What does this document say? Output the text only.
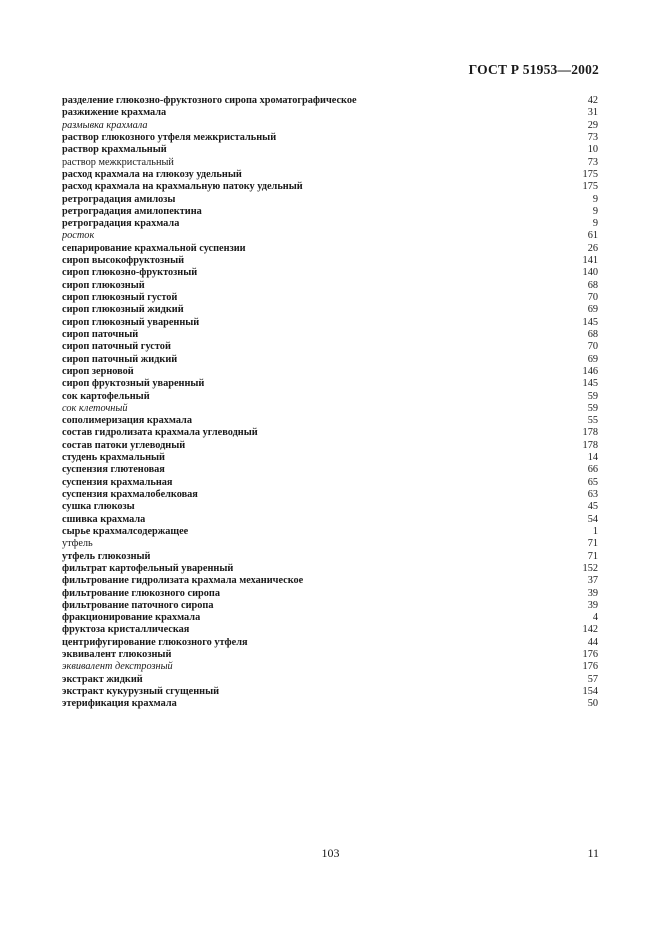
ГОСТ Р 51953—2002
разделение глюкозно-фруктозного сиропа хроматографическое	42
разжижение крахмала	31
размывка крахмала	29
раствор глюкозного утфеля межкристальный	73
раствор крахмальный	10
раствор межкристальный	73
расход крахмала на глюкозу удельный	175
расход крахмала на крахмальную патоку удельный	175
ретроградация амилозы	9
ретроградация амилопектина	9
ретроградация крахмала	9
росток	61
сепарирование крахмальной суспензии	26
сироп высокофруктозный	141
сироп глюкозно-фруктозный	140
сироп глюкозный	68
сироп глюкозный густой	70
сироп глюкозный жидкий	69
сироп глюкозный уваренный	145
сироп паточный	68
сироп паточный густой	70
сироп паточный жидкий	69
сироп зерновой	146
сироп фруктозный уваренный	145
сок картофельный	59
сок клеточный	59
сополимеризация крахмала	55
состав гидролизата крахмала углеводный	178
состав патоки углеводный	178
студень крахмальный	14
суспензия глютеновая	66
суспензия крахмальная	65
суспензия крахмалобелковая	63
сушка глюкозы	45
сшивка крахмала	54
сырье крахмалсодержащее	1
утфель	71
утфель глюкозный	71
фильтрат картофельный уваренный	152
фильтрование гидролизата крахмала механическое	37
фильтрование глюкозного сиропа	39
фильтрование паточного сиропа	39
фракционирование крахмала	4
фруктоза кристаллическая	142
центрифугирование глюкозного утфеля	44
эквивалент глюкозный	176
эквивалент декстрозный	176
экстракт жидкий	57
экстракт кукурузный сгущенный	154
этерификация крахмала	50
103	11
